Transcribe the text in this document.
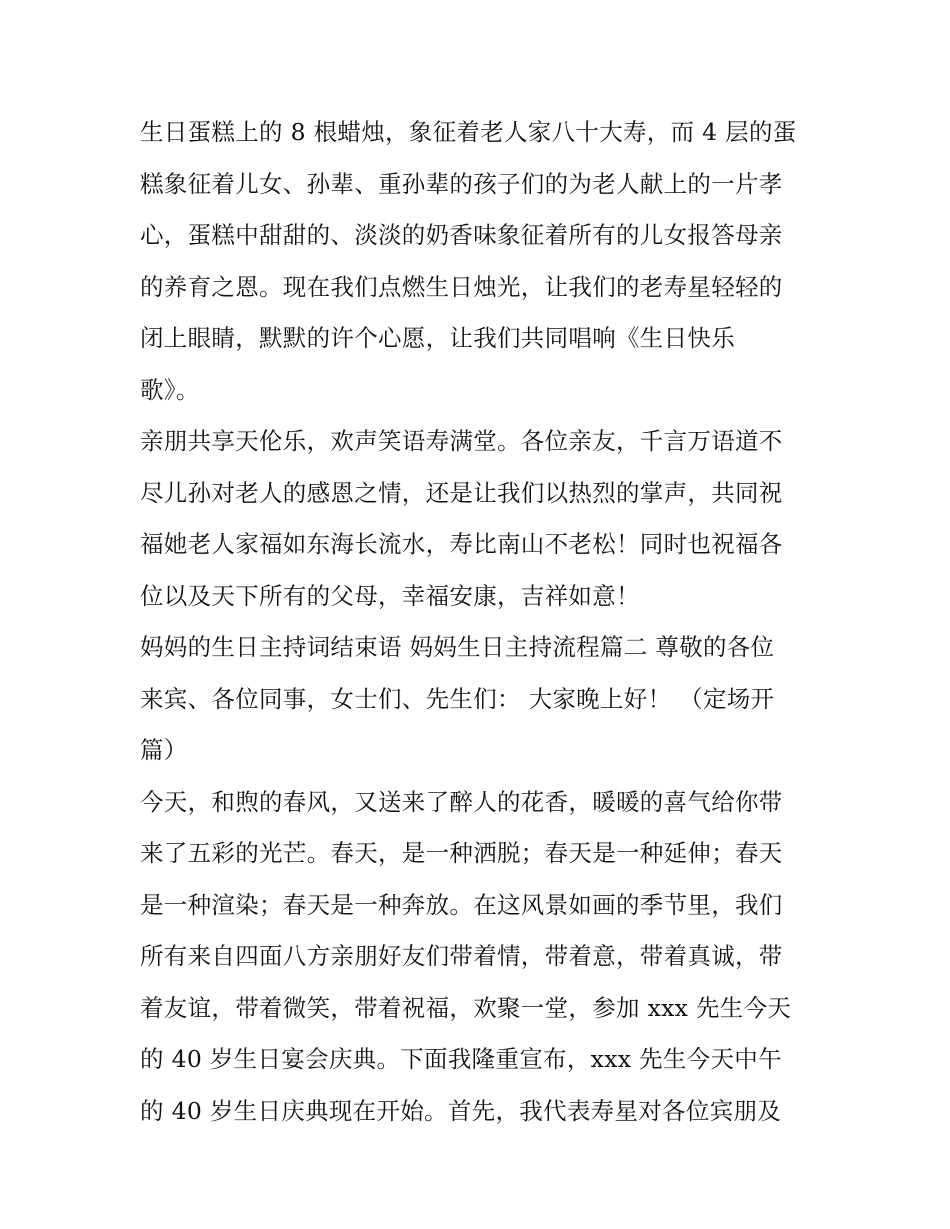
生日蛋糕上的 8 根蜡烛，象征着老人家八十大寿，而 4 层的蛋
糕象征着儿女、孙辈、重孙辈的孩子们的为老人献上的一片孝
心，蛋糕中甜甜的、淡淡的奶香味象征着所有的儿女报答母亲
的养育之恩。现在我们点燃生日烛光，让我们的老寿星轻轻的
闭上眼睛，默默的许个心愿，让我们共同唱响《生日快乐
歌》。
亲朋共享天伦乐，欢声笑语寿满堂。各位亲友，千言万语道不
尽儿孙对老人的感恩之情，还是让我们以热烈的掌声，共同祝
福她老人家福如东海长流水，寿比南山不老松！同时也祝福各
位以及天下所有的父母，幸福安康，吉祥如意！
妈妈的生日主持词结束语 妈妈生日主持流程篇二 尊敬的各位
来宾、各位同事，女士们、先生们： 大家晚上好！ （定场开
篇）
今天，和煦的春风，又送来了醉人的花香，暖暖的喜气给你带
来了五彩的光芒。春天，是一种洒脱；春天是一种延伸；春天
是一种渲染；春天是一种奔放。在这风景如画的季节里，我们
所有来自四面八方亲朋好友们带着情，带着意，带着真诚，带
着友谊，带着微笑，带着祝福，欢聚一堂，参加 xxx 先生今天
的 40 岁生日宴会庆典。下面我隆重宣布，xxx 先生今天中午
的 40 岁生日庆典现在开始。首先，我代表寿星对各位宾朋及
